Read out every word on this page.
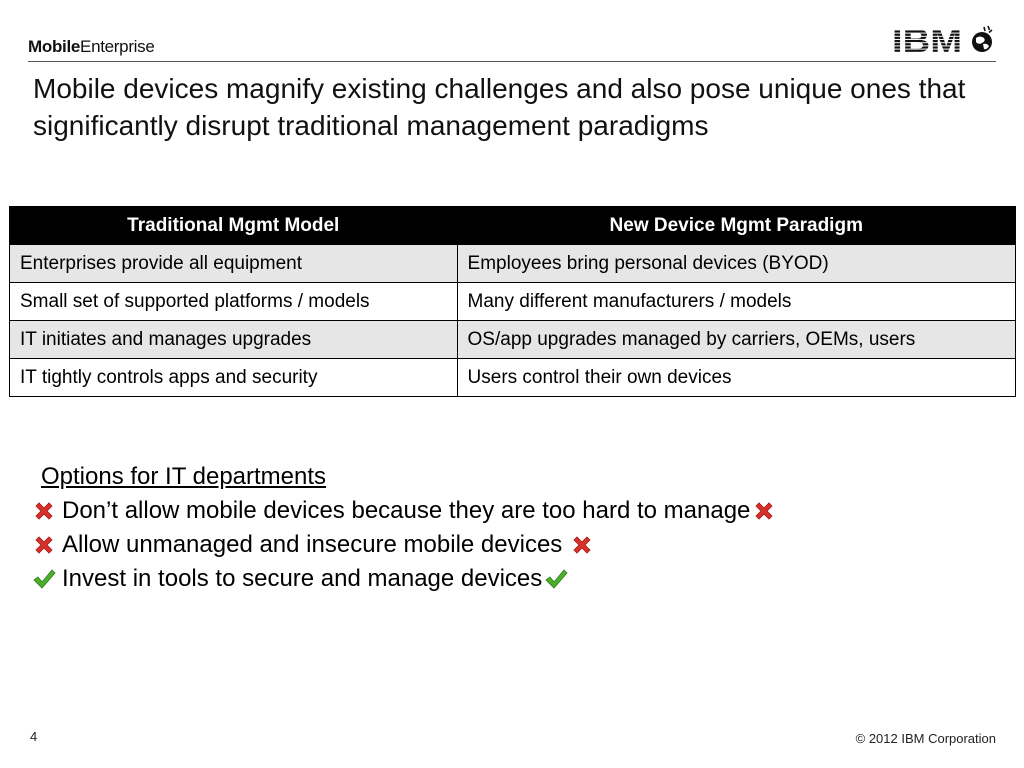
MobileEnterprise	IBM
Mobile devices magnify existing challenges and also pose unique ones that significantly disrupt traditional management paradigms
Traditional Mgmt Model	New Device Mgmt Paradigm
Enterprises provide all equipment	Employees bring personal devices (BYOD)
Small set of supported platforms / models	Many different manufacturers / models
IT initiates and manages upgrades	OS/app upgrades managed by carriers, OEMs, users
IT tightly controls apps and security	Users control their own devices
Options for IT departments
Don’t allow mobile devices because they are too hard to manage
Allow unmanaged and insecure mobile devices
Invest in tools to secure and manage devices
4	© 2012 IBM Corporation
